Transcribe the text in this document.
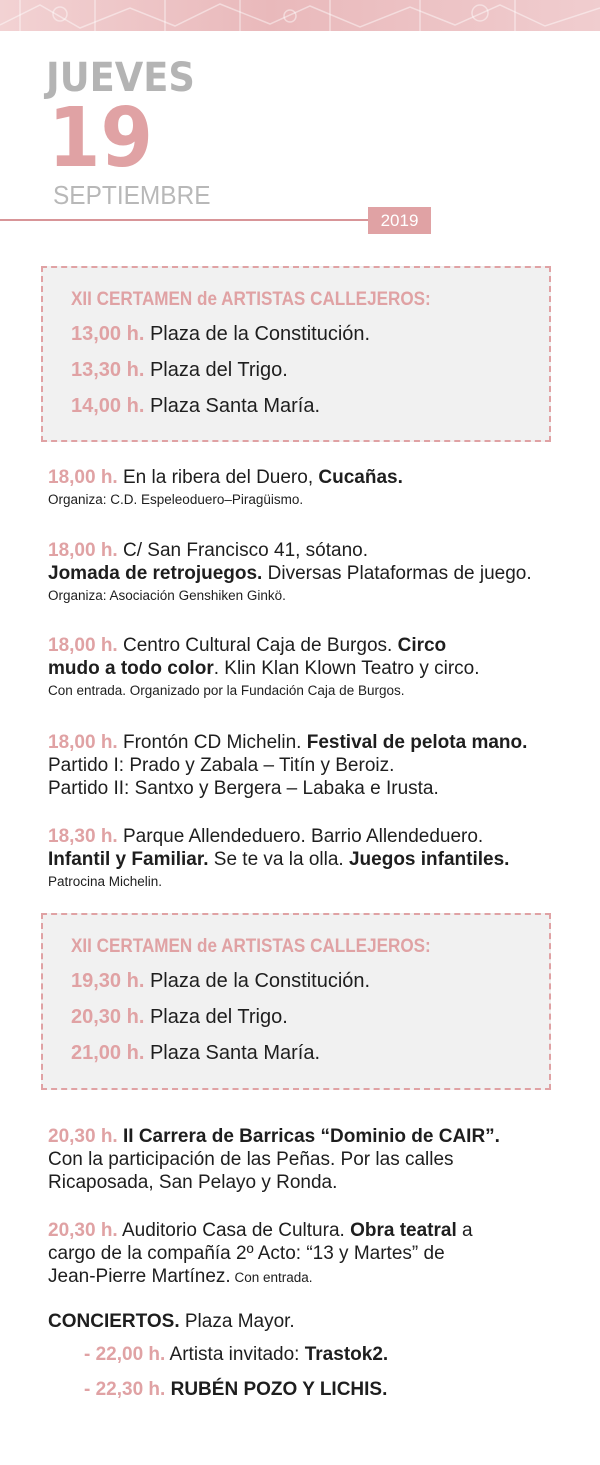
JUEVES
19
SEPTIEMBRE
2019
XII CERTAMEN de ARTISTAS CALLEJEROS:
13,00 h. Plaza de la Constitución.
13,30 h. Plaza del Trigo.
14,00 h. Plaza Santa María.

18,00 h. En la ribera del Duero, Cucañas.

Organiza: C.D. Espeleoduero–Piragüismo.

18,00 h. C/ San Francisco 41, sótano.

Jomada de retrojuegos. Diversas Plataformas de juego.

Organiza: Asociación Genshiken Ginkö.

18,00 h. Centro Cultural Caja de Burgos. Circo

mudo a todo color. Klin Klan Klown Teatro y circo.

Con entrada. Organizado por la Fundación Caja de Burgos.

18,00 h. Frontón CD Michelin. Festival de pelota mano.

Partido I: Prado y Zabala – Titín y Beroiz.

Partido II: Santxo y Bergera – Labaka e Irusta.

18,30 h. Parque Allendeduero. Barrio Allendeduero.

Infantil y Familiar. Se te va la olla. Juegos infantiles.

Patrocina Michelin.

XII CERTAMEN de ARTISTAS CALLEJEROS:
19,30 h. Plaza de la Constitución.
20,30 h. Plaza del Trigo.
21,00 h. Plaza Santa María.

20,30 h. II Carrera de Barricas “Dominio de CAIR”.

Con la participación de las Peñas. Por las calles

Ricaposada, San Pelayo y Ronda.

20,30 h. Auditorio Casa de Cultura. Obra teatral a

cargo de la compañía 2º Acto: “13 y Martes” de

Jean-Pierre Martínez. Con entrada.

CONCIERTOS. Plaza Mayor.

- 22,00 h. Artista invitado: Trastok2.

- 22,30 h. RUBÉN POZO Y LICHIS.
